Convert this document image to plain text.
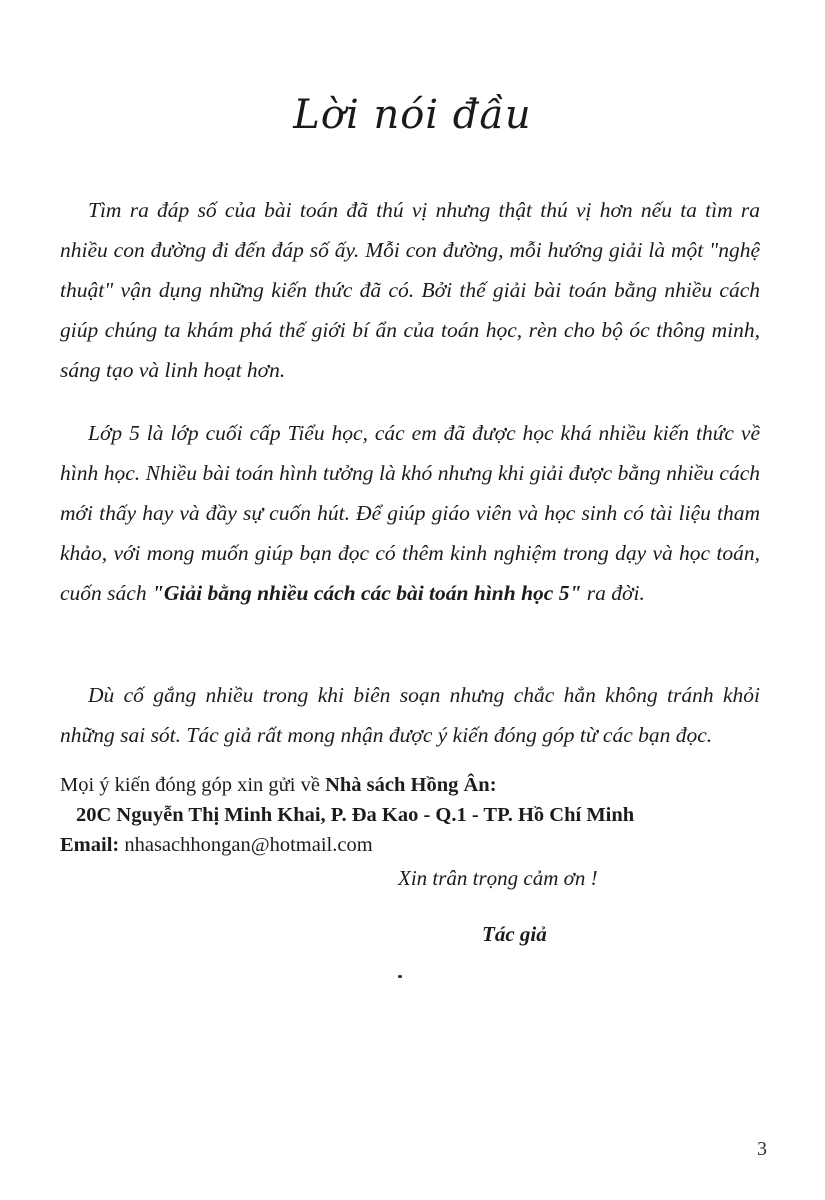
Lời nói đầu

Tìm ra đáp số của bài toán đã thú vị nhưng thật thú vị hơn nếu ta tìm ra nhiều con đường đi đến đáp số ấy. Mỗi con đường, mỗi hướng giải là một "nghệ thuật" vận dụng những kiến thức đã có. Bởi thế giải bài toán bằng nhiều cách giúp chúng ta khám phá thế giới bí ẩn của toán học, rèn cho bộ óc thông minh, sáng tạo và linh hoạt hơn.

Lớp 5 là lớp cuối cấp Tiểu học, các em đã được học khá nhiều kiến thức về hình học. Nhiều bài toán hình tưởng là khó nhưng khi giải được bằng nhiều cách mới thấy hay và đầy sự cuốn hút. Để giúp giáo viên và học sinh có tài liệu tham khảo, với mong muốn giúp bạn đọc có thêm kinh nghiệm trong dạy và học toán, cuốn sách "Giải bằng nhiều cách các bài toán hình học 5" ra đời.

Dù cố gắng nhiều trong khi biên soạn nhưng chắc hẳn không tránh khỏi những sai sót. Tác giả rất mong nhận được ý kiến đóng góp từ các bạn đọc.

Mọi ý kiến đóng góp xin gửi về Nhà sách Hồng Ân:
20C Nguyễn Thị Minh Khai, P. Đa Kao - Q.1 - TP. Hồ Chí Minh
Email: nhasachhongan@hotmail.com
Xin trân trọng cảm ơn !
Tác giả
3
